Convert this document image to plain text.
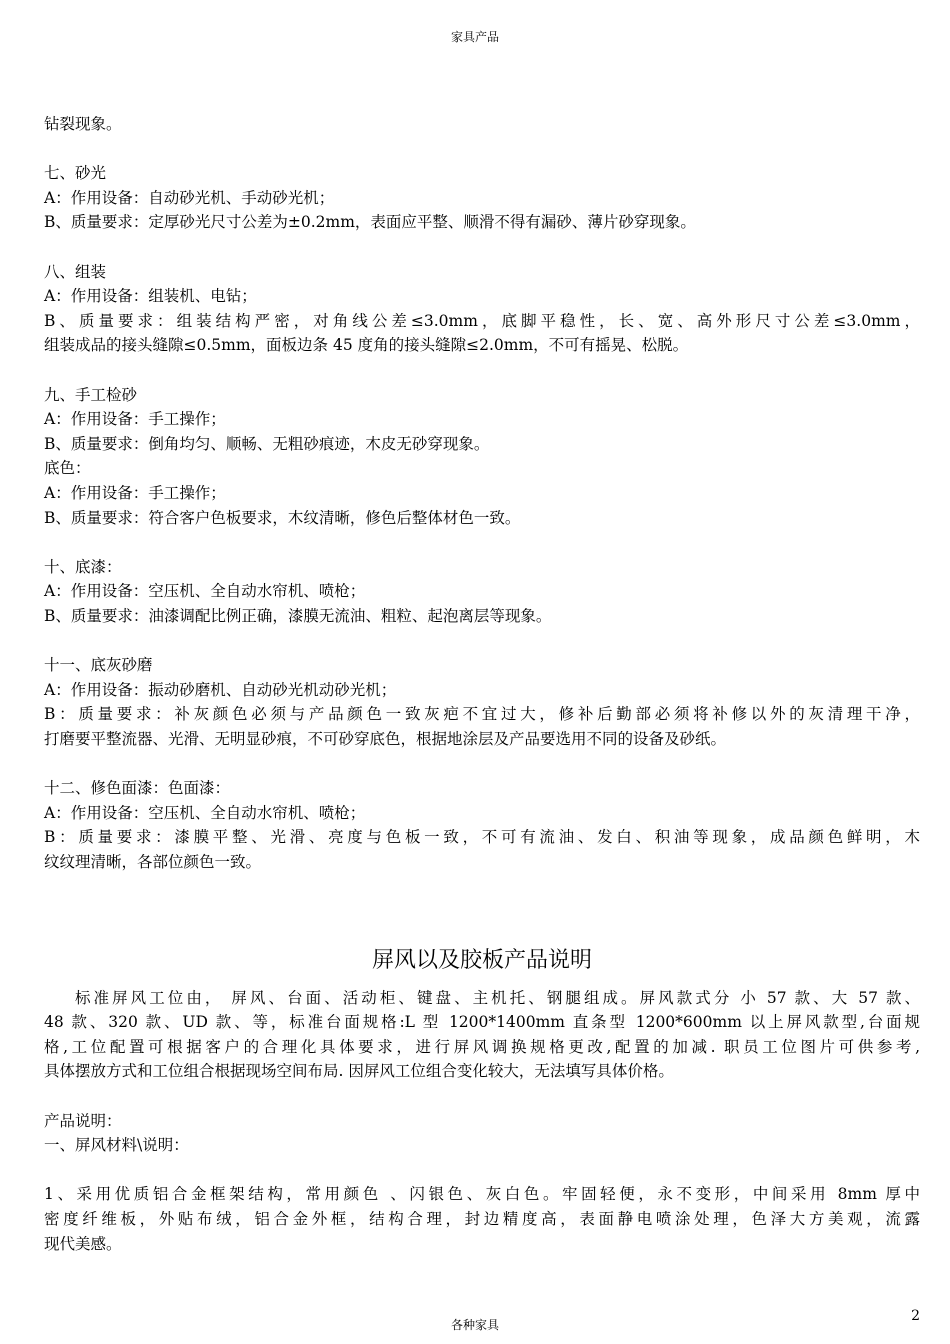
家具产品
钻裂现象。
七、砂光
A：作用设备：自动砂光机、手动砂光机；
B、质量要求：定厚砂光尺寸公差为±0.2mm，表面应平整、顺滑不得有漏砂、薄片砂穿现象。
八、组装
A：作用设备：组装机、电钻；
B、质量要求：组装结构严密，对角线公差≤3.0mm，底脚平稳性，长、宽、高外形尺寸公差≤3.0mm，
组装成品的接头缝隙≤0.5mm，面板边条 45 度角的接头缝隙≤2.0mm，不可有摇晃、松脱。
九、手工检砂
A：作用设备：手工操作；
B、质量要求：倒角均匀、顺畅、无粗砂痕迹，木皮无砂穿现象。
底色：
A：作用设备：手工操作；
B、质量要求：符合客户色板要求，木纹清晰，修色后整体材色一致。
十、底漆：
A：作用设备：空压机、全自动水帘机、喷枪；
B、质量要求：油漆调配比例正确，漆膜无流油、粗粒、起泡离层等现象。
十一、底灰砂磨
A：作用设备：振动砂磨机、自动砂光机动砂光机；
B：质量要求：补灰颜色必须与产品颜色一致灰疤不宜过大，修补后勤部必须将补修以外的灰清理干净，
打磨要平整流器、光滑、无明显砂痕，不可砂穿底色，根据地涂层及产品要选用不同的设备及砂纸。
十二、修色面漆：色面漆：
A：作用设备：空压机、全自动水帘机、喷枪；
B：质量要求：漆膜平整、光滑、亮度与色板一致，不可有流油、发白、积油等现象，成品颜色鲜明，木
纹纹理清晰，各部位颜色一致。
屏风以及胶板产品说明
标准屏风工位由， 屏风、台面、活动柜、键盘、主机托、钢腿组成。屏风款式分 小 57 款、大 57 款、
48 款、320 款、UD 款、等，标准台面规格:L 型 1200*1400mm 直条型 1200*600mm 以上屏风款型,台面规
格,工位配置可根据客户的合理化具体要求，进行屏风调换规格更改,配置的加减. 职员工位图片可供参考,
具体摆放方式和工位组合根据现场空间布局. 因屏风工位组合变化较大，无法填写具体价格。
产品说明：
一、屏风材料\说明：
1、采用优质铝合金框架结构，常用颜色 、闪银色、灰白色。牢固轻便，永不变形，中间采用 8mm 厚中
密度纤维板，外贴布绒，铝合金外框，结构合理，封边精度高，表面静电喷涂处理，色泽大方美观，流露
现代美感。
各种家具
2
